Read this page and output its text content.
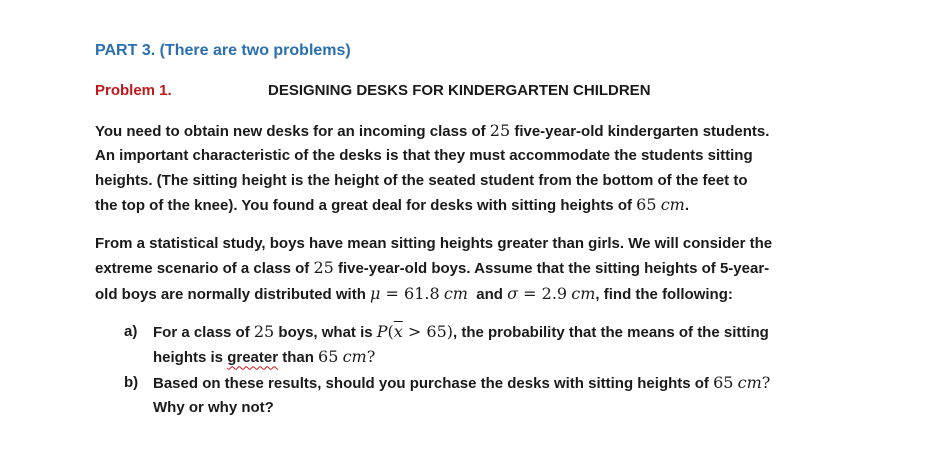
PART 3. (There are two problems)
Problem 1.	DESIGNING DESKS FOR KINDERGARTEN CHILDREN
You need to obtain new desks for an incoming class of 25 five-year-old kindergarten students.
An important characteristic of the desks is that they must accommodate the students sitting
heights. (The sitting height is the height of the seated student from the bottom of the feet to
the top of the knee). You found a great deal for desks with sitting heights of 65 cm.
From a statistical study, boys have mean sitting heights greater than girls. We will consider the
extreme scenario of a class of 25 five-year-old boys. Assume that the sitting heights of 5-year-
old boys are normally distributed with μ = 61.8 cm  and σ = 2.9 cm, find the following:
a) For a class of 25 boys, what is $P(\overline{x} > 65)$, the probability that the means of the sitting
heights is greater than 65 cm?
b) Based on these results, should you purchase the desks with sitting heights of 65 cm?
Why or why not?
